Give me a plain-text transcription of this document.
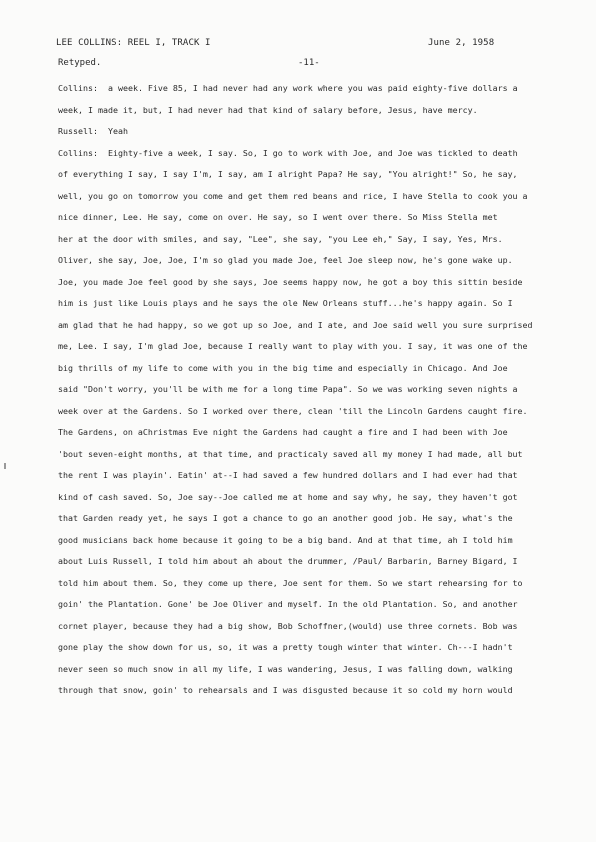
LEE COLLINS: REEL I, TRACK I	June 2, 1958
Retyped.	-11-
Collins: a week. Five 85, I had never had any work where you was paid eighty-five dollars a
week, I made it, but, I had never had that kind of salary before, Jesus, have mercy.
Russell: Yeah
Collins: Eighty-five a week, I say. So, I go to work with Joe, and Joe was tickled to death
of everything I say, I say I'm, I say, am I alright Papa? He say, "You alright!" So, he say,
well, you go on tomorrow you come and get them red beans and rice, I have Stella to cook you a
nice dinner, Lee. He say, come on over. He say, so I went over there. So Miss Stella met
her at the door with smiles, and say, "Lee", she say, "you Lee eh," Say, I say, Yes, Mrs.
Oliver, she say, Joe, Joe, I'm so glad you made Joe, feel Joe sleep now, he's gone wake up.
Joe, you made Joe feel good by she says, Joe seems happy now, he got a boy this sittin beside
him is just like Louis plays and he says the ole New Orleans stuff...he's happy again. So I
am glad that he had happy, so we got up so Joe, and I ate, and Joe said well you sure surprised
me, Lee. I say, I'm glad Joe, because I really want to play with you. I say, it was one of the
big thrills of my life to come with you in the big time and especially in Chicago. And Joe
said "Don't worry, you'll be with me for a long time Papa". So we was working seven nights a
week over at the Gardens. So I worked over there, clean 'till the Lincoln Gardens caught fire.
The Gardens, on aChristmas Eve night the Gardens had caught a fire and I had been with Joe
'bout seven-eight months, at that time, and practicaly saved all my money I had made, all but
the rent I was playin'. Eatin' at--I had saved a few hundred dollars and I had ever had that
kind of cash saved. So, Joe say--Joe called me at home and say why, he say, they haven't got
that Garden ready yet, he says I got a chance to go an another good job. He say, what's the
good musicians back home because it going to be a big band. And at that time, ah I told him
about Luis Russell, I told him about ah about the drummer, /Paul/ Barbarin, Barney Bigard, I
told him about them. So, they come up there, Joe sent for them. So we start rehearsing for to
goin' the Plantation. Gone' be Joe Oliver and myself. In the old Plantation. So, and another
cornet player, because they had a big show, Bob Schoffner,(would) use three cornets. Bob was
gone play the show down for us, so, it was a pretty tough winter that winter. Ch---I hadn't
never seen so much snow in all my life, I was wandering, Jesus, I was falling down, walking
through that snow, goin' to rehearsals and I was disgusted because it so cold my horn would
